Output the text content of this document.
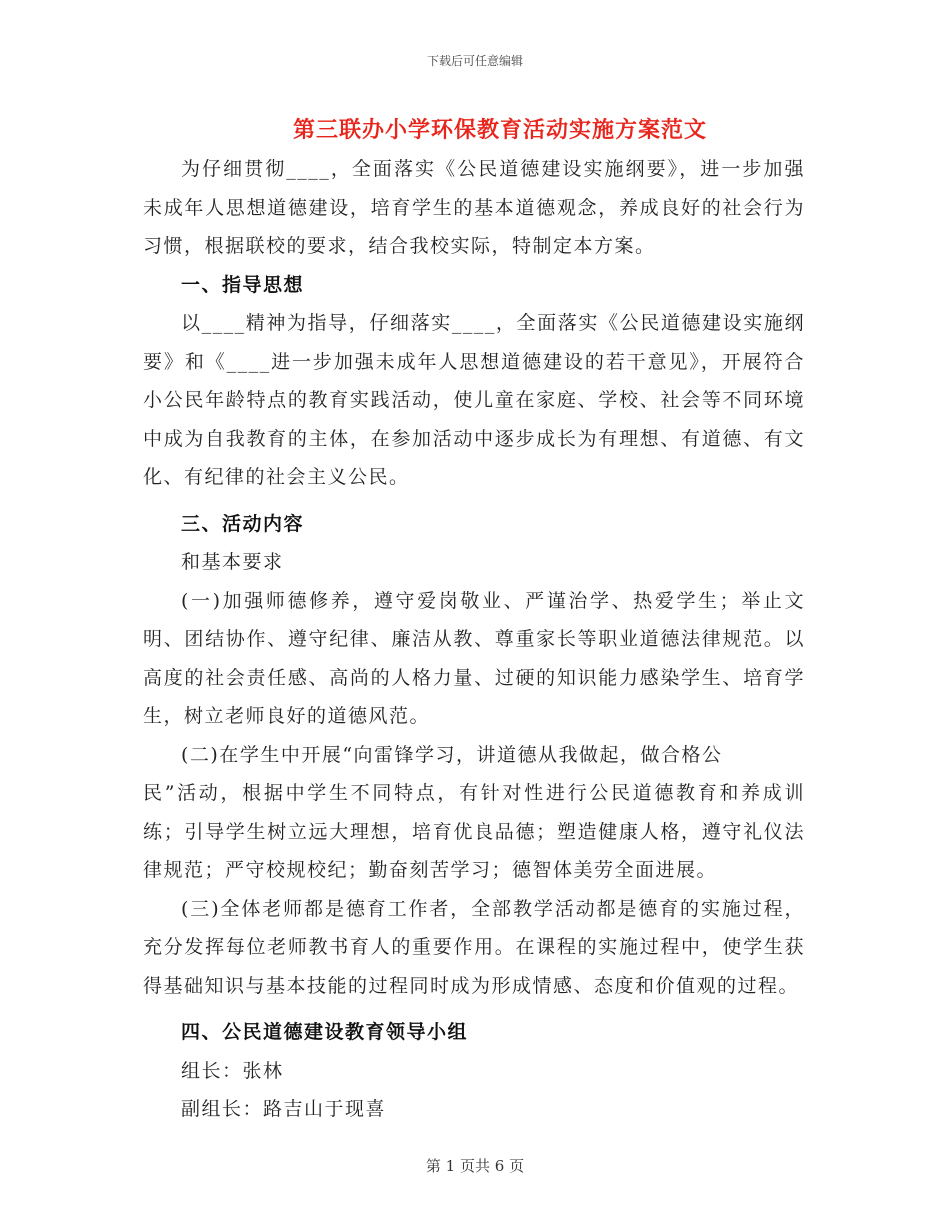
下载后可任意编辑
第三联办小学环保教育活动实施方案范文

为仔细贯彻____，全面落实《公民道德建设实施纲要》，进一步加强未成年人思想道德建设，培育学生的基本道德观念，养成良好的社会行为习惯，根据联校的要求，结合我校实际，特制定本方案。

一、指导思想

以____精神为指导，仔细落实____，全面落实《公民道德建设实施纲要》和《____进一步加强未成年人思想道德建设的若干意见》，开展符合小公民年龄特点的教育实践活动，使儿童在家庭、学校、社会等不同环境中成为自我教育的主体，在参加活动中逐步成长为有理想、有道德、有文化、有纪律的社会主义公民。

三、活动内容

和基本要求

(一)加强师德修养，遵守爱岗敬业、严谨治学、热爱学生；举止文明、团结协作、遵守纪律、廉洁从教、尊重家长等职业道德法律规范。以高度的社会责任感、高尚的人格力量、过硬的知识能力感染学生、培育学生，树立老师良好的道德风范。

(二)在学生中开展“向雷锋学习，讲道德从我做起，做合格公

民”活动，根据中学生不同特点，有针对性进行公民道德教育和养成训练；引导学生树立远大理想，培育优良品德；塑造健康人格，遵守礼仪法律规范；严守校规校纪；勤奋刻苦学习；德智体美劳全面进展。

(三)全体老师都是德育工作者，全部教学活动都是德育的实施过程，充分发挥每位老师教书育人的重要作用。在课程的实施过程中，使学生获得基础知识与基本技能的过程同时成为形成情感、态度和价值观的过程。

四、公民道德建设教育领导小组

组长：张林

副组长：路吉山于现喜

第 1 页共 6 页
